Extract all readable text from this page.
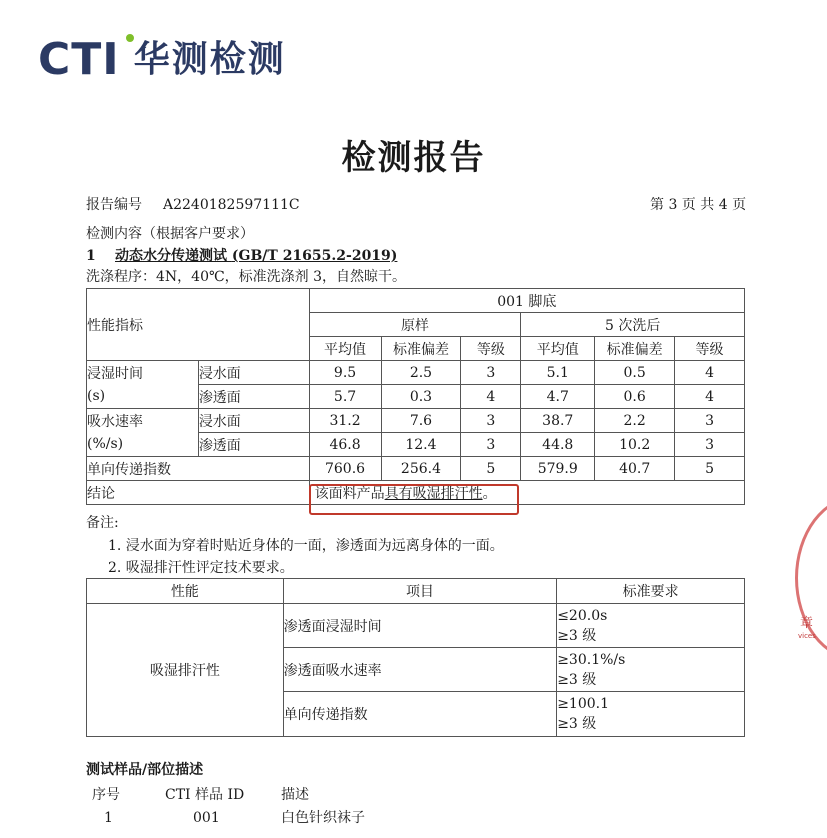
CTI 华测检测
检测报告
报告编号 A2240182597111C	第 3 页 共 4 页
检测内容（根据客户要求）
1 动态水分传递测试 (GB/T 21655.2-2019)
洗涤程序：4N，40℃，标准洗涤剂 3，自然晾干。
性能指标		001 脚底					
		原样			5 次洗后		
		平均值	标准偏差	等级	平均值	标准偏差	等级

浸湿时间
(s)	浸水面	9.5	2.5	3	5.1	0.5	4
	渗透面	5.7	0.3	4	4.7	0.6	4

吸水速率
(%/s)	浸水面	31.2	7.6	3	38.7	2.2	3
	渗透面	46.8	12.4	3	44.8	10.2	3
单向传递指数		760.6	256.4	5	579.9	40.7	5
结论		该面料产品具有吸湿排汗性。					
备注:
1. 浸水面为穿着时贴近身体的一面，渗透面为远离身体的一面。
2. 吸湿排汗性评定技术要求。
性能	项目	标准要求
吸湿排汗性	渗透面浸湿时间	≤20.0s
≥3 级

	渗透面吸水速率	≥30.1%/s
≥3 级

	单向传递指数	≥100.1
≥3 级
测试样品/部位描述
序号	CTI 样品 ID	描述
1	001	白色针织袜子
章
vices
